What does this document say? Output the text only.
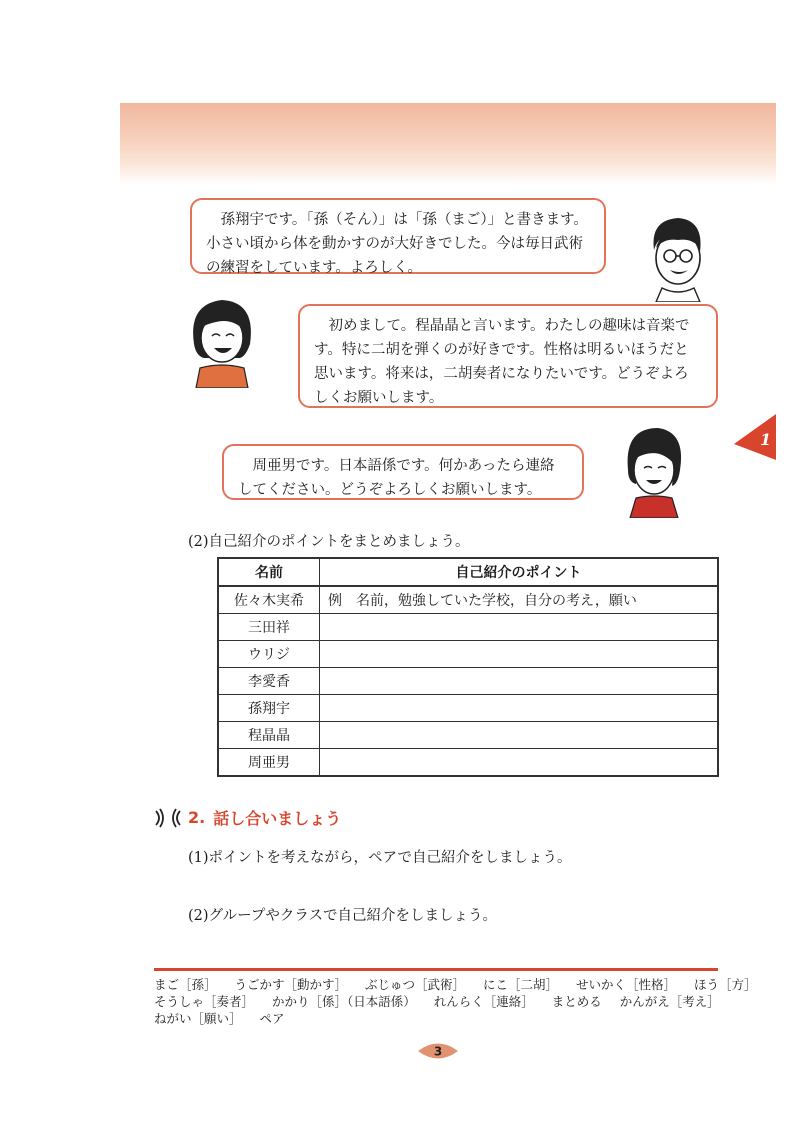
孫翔宇です。「孫（そん）」は「孫（まご）」と書きます。小さい頃から体を動かすのが大好きでした。今は毎日武術の練習をしています。よろしく。

初めまして。程晶晶と言います。わたしの趣味は音楽です。特に二胡を弾くのが好きです。性格は明るいほうだと思います。将来は，二胡奏者になりたいです。どうぞよろしくお願いします。

1

周亜男です。日本語係です。何かあったら連絡してください。どうぞよろしくお願いします。

(2)自己紹介のポイントをまとめましょう。
名前	自己紹介のポイント
佐々木実希	例　名前，勉強していた学校，自分の考え，願い
三田祥	
ウリジ	
李愛香	
孫翔宇	
程晶晶	
周亜男	
2. 話し合いましょう
(1)ポイントを考えながら，ペアで自己紹介をしましょう。
(2)グループやクラスで自己紹介をしましょう。
まご［孫］ うごかす［動かす］ ぶじゅつ［武術］ にこ［二胡］ せいかく［性格］ ほう［方］
そうしゃ［奏者］ かかり［係］（日本語係） れんらく［連絡］ まとめる かんがえ［考え］
ねがい［願い］ ペア
3
